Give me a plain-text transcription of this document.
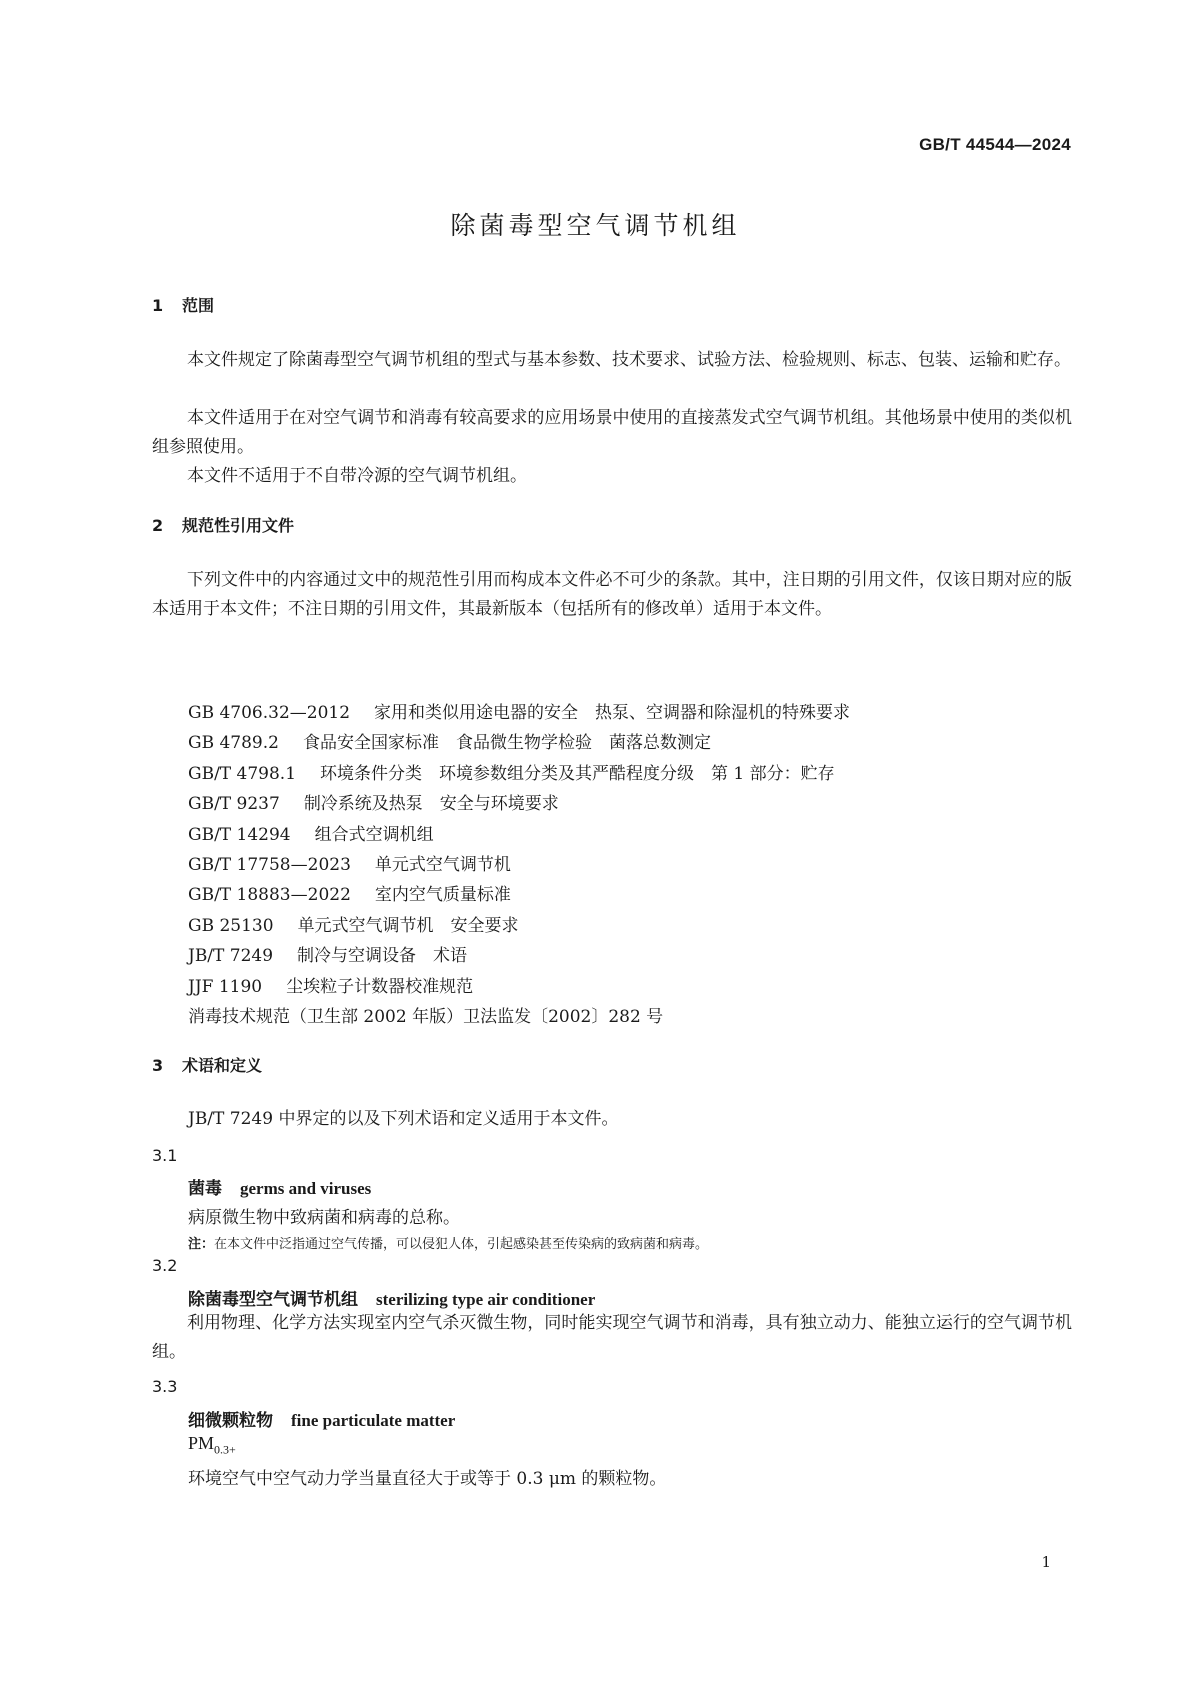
GB/T 44544—2024
除菌毒型空气调节机组
1 范围
本文件规定了除菌毒型空气调节机组的型式与基本参数、技术要求、试验方法、检验规则、标志、包装、运输和贮存。
本文件适用于在对空气调节和消毒有较高要求的应用场景中使用的直接蒸发式空气调节机组。其他场景中使用的类似机组参照使用。
本文件不适用于不自带冷源的空气调节机组。
2 规范性引用文件
下列文件中的内容通过文中的规范性引用而构成本文件必不可少的条款。其中，注日期的引用文件，仅该日期对应的版本适用于本文件；不注日期的引用文件，其最新版本（包括所有的修改单）适用于本文件。
GB 4706.32—2012 家用和类似用途电器的安全　热泵、空调器和除湿机的特殊要求
GB 4789.2 食品安全国家标准　食品微生物学检验　菌落总数测定
GB/T 4798.1 环境条件分类　环境参数组分类及其严酷程度分级　第 1 部分：贮存
GB/T 9237 制冷系统及热泵　安全与环境要求
GB/T 14294 组合式空调机组
GB/T 17758—2023 单元式空气调节机
GB/T 18883—2022 室内空气质量标准
GB 25130 单元式空气调节机　安全要求
JB/T 7249 制冷与空调设备　术语
JJF 1190 尘埃粒子计数器校准规范
消毒技术规范（卫生部 2002 年版）卫法监发〔2002〕282 号
3 术语和定义
JB/T 7249 中界定的以及下列术语和定义适用于本文件。
3.1
菌毒 germs and viruses
病原微生物中致病菌和病毒的总称。
注：在本文件中泛指通过空气传播，可以侵犯人体，引起感染甚至传染病的致病菌和病毒。
3.2
除菌毒型空气调节机组 sterilizing type air conditioner
利用物理、化学方法实现室内空气杀灭微生物，同时能实现空气调节和消毒，具有独立动力、能独立运行的空气调节机组。
3.3
细微颗粒物 fine particulate matter
$PM_{0.3+}$
环境空气中空气动力学当量直径大于或等于 0.3 μm 的颗粒物。
1
